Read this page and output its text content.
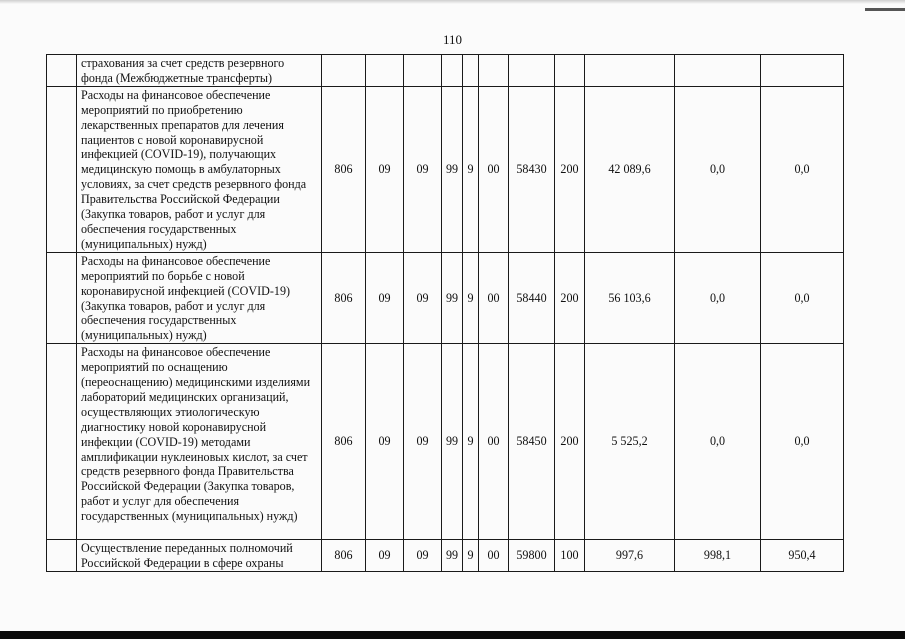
110
	страхования за счет средств резервного фонда (Межбюджетные трансферты)											
	Расходы на финансовое обеспечение мероприятий по приобретению лекарственных препаратов для лечения пациентов с новой коронавирусной инфекцией (COVID-19), получающих медицинскую помощь в амбулаторных условиях, за счет средств резервного фонда Правительства Российской Федерации (Закупка товаров, работ и услуг для обеспечения государственных (муниципальных) нужд)	806	09	09	99	9	00	58430	200	42 089,6	0,0	0,0
	Расходы на финансовое обеспечение мероприятий по борьбе с новой коронавирусной инфекцией (COVID-19) (Закупка товаров, работ и услуг для обеспечения государственных (муниципальных) нужд)	806	09	09	99	9	00	58440	200	56 103,6	0,0	0,0
	Расходы на финансовое обеспечение мероприятий по оснащению (переоснащению) медицинскими изделиями лабораторий медицинских организаций, осуществляющих этиологическую диагностику новой коронавирусной инфекции (COVID-19) методами амплификации нуклеиновых кислот, за счет средств резервного фонда Правительства Российской Федерации (Закупка товаров, работ и услуг для обеспечения государственных (муниципальных) нужд)	806	09	09	99	9	00	58450	200	5 525,2	0,0	0,0
	Осуществление переданных полномочий Российской Федерации в сфере охраны	806	09	09	99	9	00	59800	100	997,6	998,1	950,4
